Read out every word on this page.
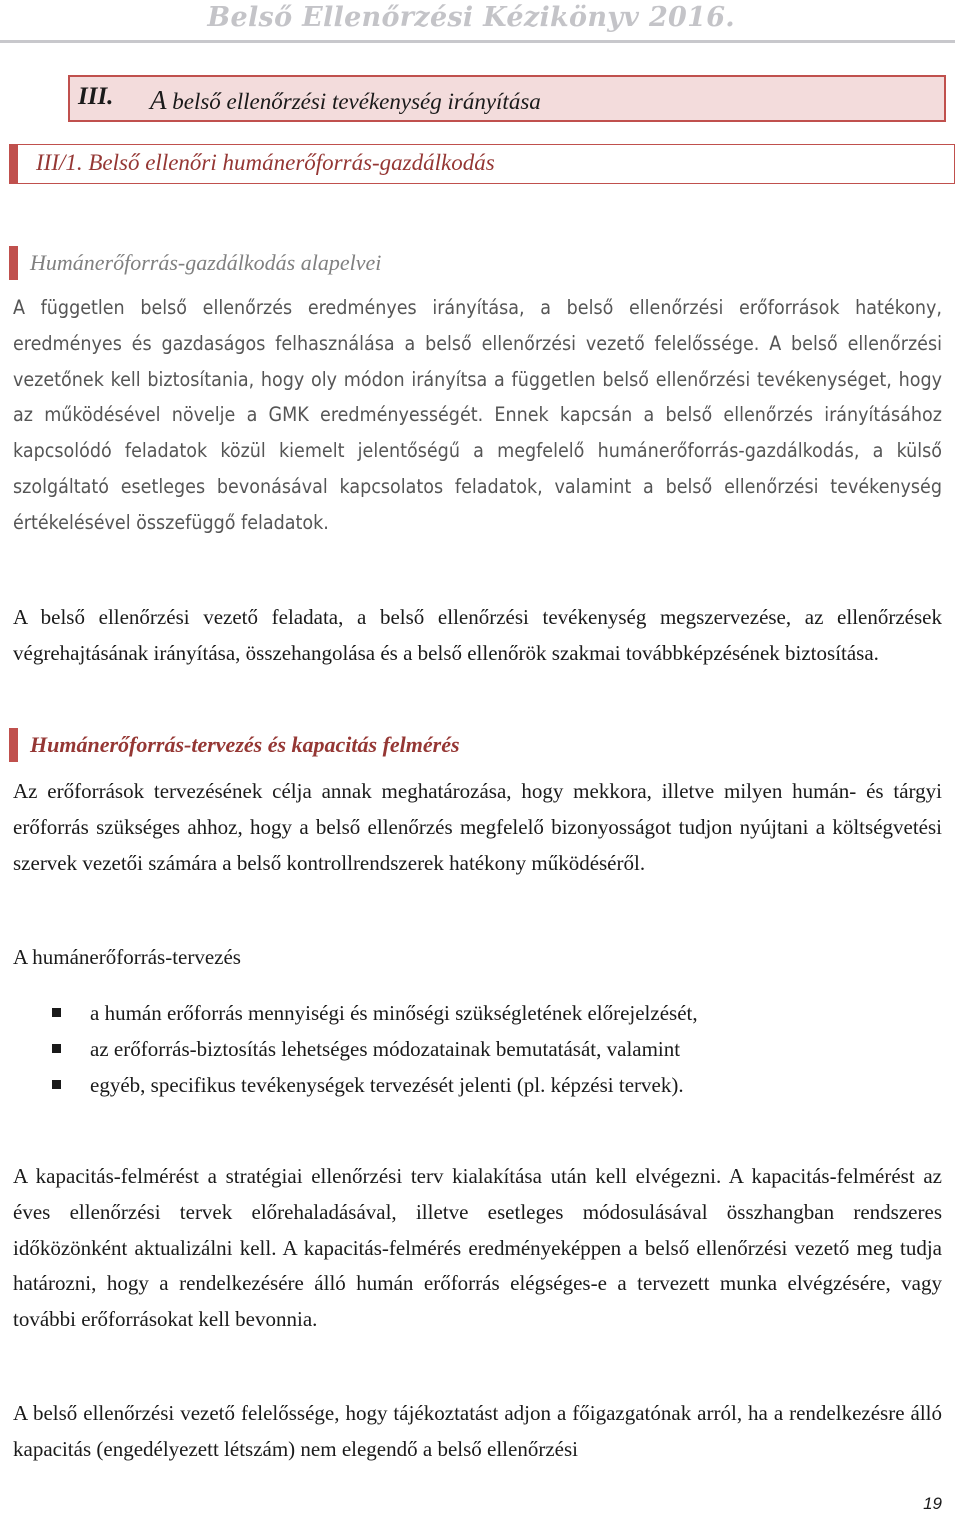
Belső Ellenőrzési Kézikönyv 2016.
III. A belső ellenőrzési tevékenység irányítása
III/1. Belső ellenőri humánerőforrás-gazdálkodás
Humánerőforrás-gazdálkodás alapelvei

A független belső ellenőrzés eredményes irányítása, a belső ellenőrzési erőforrások hatékony, eredményes és gazdaságos felhasználása a belső ellenőrzési vezető felelőssége. A belső ellenőrzési vezetőnek kell biztosítania, hogy oly módon irányítsa a független belső ellenőrzési tevékenységet, hogy az működésével növelje a GMK eredményességét. Ennek kapcsán a belső ellenőrzés irányításához kapcsolódó feladatok közül kiemelt jelentőségű a megfelelő humánerőforrás-gazdálkodás, a külső szolgáltató esetleges bevonásával kapcsolatos feladatok, valamint a belső ellenőrzési tevékenység értékelésével összefüggő feladatok.

A belső ellenőrzési vezető feladata, a belső ellenőrzési tevékenység megszervezése, az ellenőrzések végrehajtásának irányítása, összehangolása és a belső ellenőrök szakmai továbbképzésének biztosítása.

Humánerőforrás-tervezés és kapacitás felmérés

Az erőforrások tervezésének célja annak meghatározása, hogy mekkora, illetve milyen humán- és tárgyi erőforrás szükséges ahhoz, hogy a belső ellenőrzés megfelelő bizonyosságot tudjon nyújtani a költségvetési szervek vezetői számára a belső kontrollrendszerek hatékony működéséről.

A humánerőforrás-tervezés

a humán erőforrás mennyiségi és minőségi szükségletének előrejelzését,
az erőforrás-biztosítás lehetséges módozatainak bemutatását, valamint
egyéb, specifikus tevékenységek tervezését jelenti (pl. képzési tervek).

A kapacitás-felmérést a stratégiai ellenőrzési terv kialakítása után kell elvégezni. A kapacitás-felmérést az éves ellenőrzési tervek előrehaladásával, illetve esetleges módosulásával összhangban rendszeres időközönként aktualizálni kell. A kapacitás-felmérés eredményeképpen a belső ellenőrzési vezető meg tudja határozni, hogy a rendelkezésére álló humán erőforrás elégséges-e a tervezett munka elvégzésére, vagy további erőforrásokat kell bevonnia.

A belső ellenőrzési vezető felelőssége, hogy tájékoztatást adjon a főigazgatónak arról, ha a rendelkezésre álló kapacitás (engedélyezett létszám) nem elegendő a belső ellenőrzési

19
